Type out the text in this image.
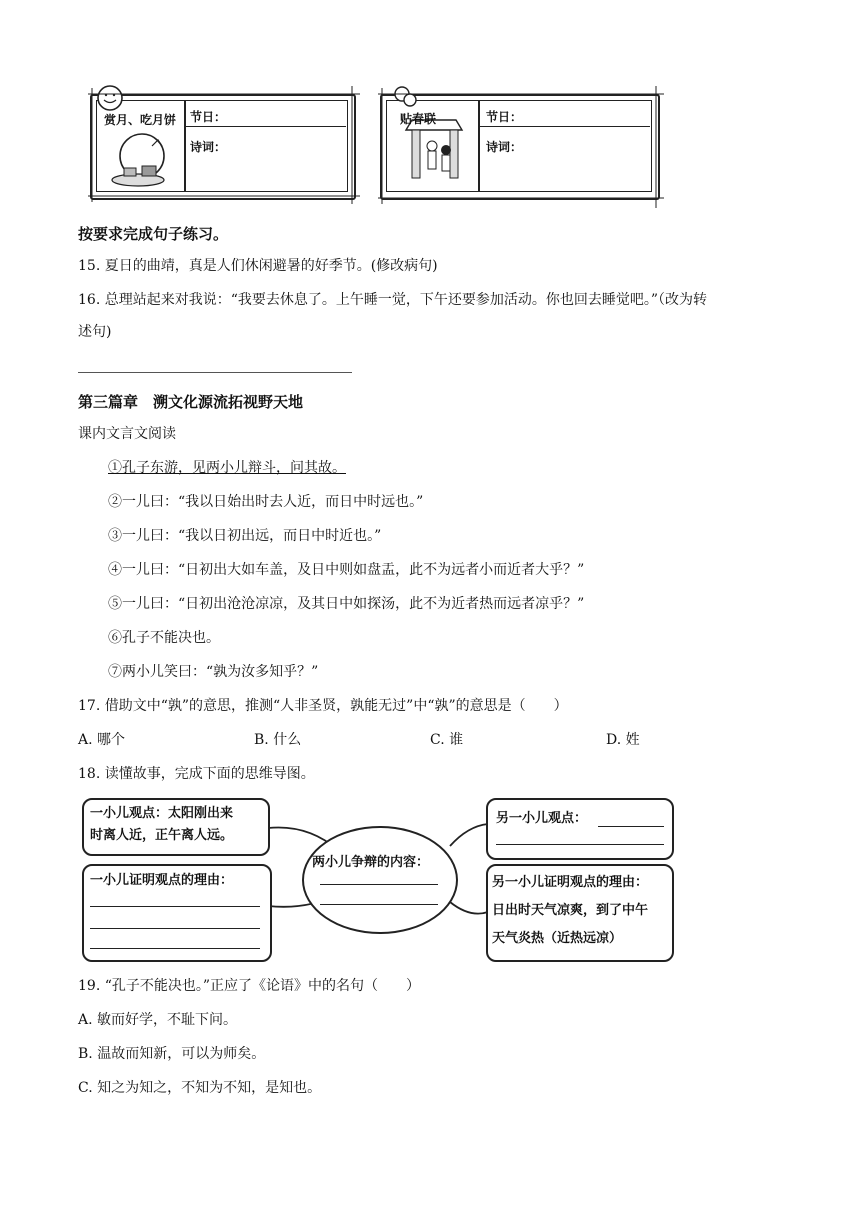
赏月、吃月饼 节日：
诗词：
贴春联	节日：
诗词：
按要求完成句子练习。
15. 夏日的曲靖，真是人们休闲避暑的好季节。(修改病句)
16. 总理站起来对我说：“我要去休息了。上午睡一觉，下午还要参加活动。你也回去睡觉吧。”（改为转
述句)
第三篇章　溯文化源流拓视野天地
课内文言文阅读
①孔子东游，见两小儿辩斗，问其故。
②一儿曰：“我以日始出时去人近，而日中时远也。”
③一儿曰：“我以日初出远，而日中时近也。”
④一儿曰：“日初出大如车盖，及日中则如盘盂，此不为远者小而近者大乎？”
⑤一儿曰：“日初出沧沧凉凉，及其日中如探汤，此不为近者热而远者凉乎？”
⑥孔子不能决也。
⑦两小儿笑曰：“孰为汝多知乎？”
17. 借助文中“孰”的意思，推测“人非圣贤，孰能无过”中“孰”的意思是（　　）
A. 哪个	B. 什么	C. 谁	D. 姓
18. 读懂故事，完成下面的思维导图。
一小儿观点：太阳刚出来
时离人近，正午离人远。
一小儿证明观点的理由：
两小儿争辩的内容：
另一小儿观点：
另一小儿证明观点的理由：
日出时天气凉爽，到了中午
天气炎热（近热远凉）
19. “孔子不能决也。”正应了《论语》中的名句（　　）
A. 敏而好学，不耻下问。
B. 温故而知新，可以为师矣。
C. 知之为知之，不知为不知，是知也。
